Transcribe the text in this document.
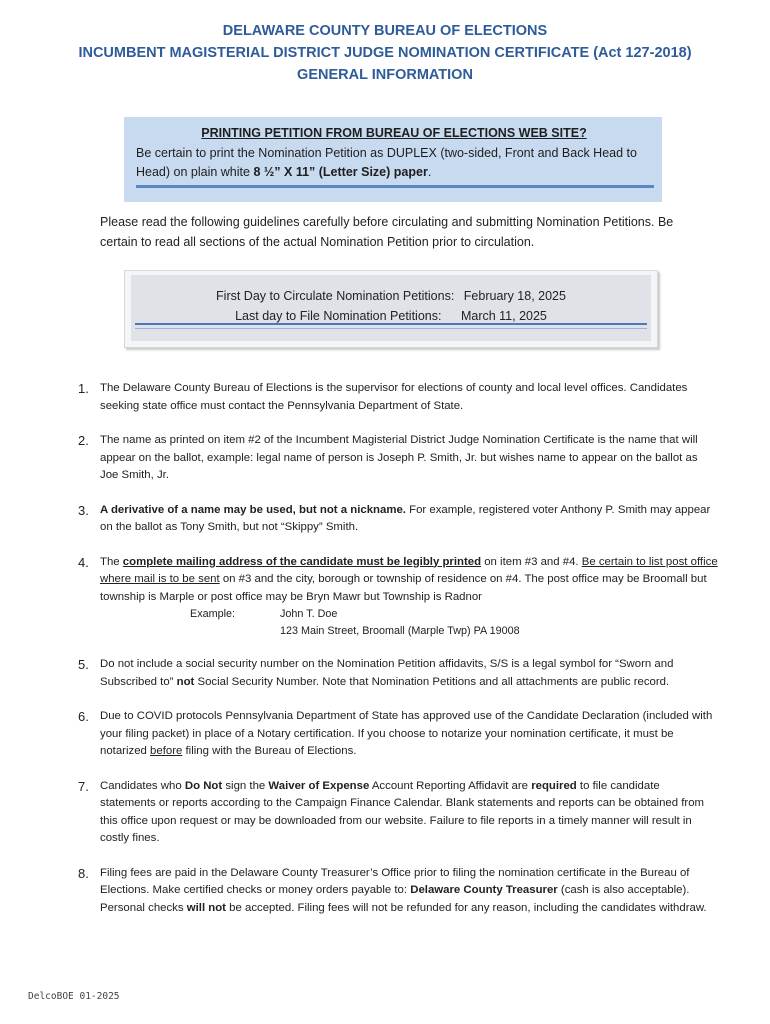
DELAWARE COUNTY BUREAU OF ELECTIONS
INCUMBENT MAGISTERIAL DISTRICT JUDGE NOMINATION CERTIFICATE (Act 127-2018)
GENERAL INFORMATION
PRINTING PETITION FROM BUREAU OF ELECTIONS WEB SITE?
Be certain to print the Nomination Petition as DUPLEX (two-sided, Front and Back Head to Head) on plain white 8 ½” X 11” (Letter Size) paper.
Please read the following guidelines carefully before circulating and submitting Nomination Petitions. Be certain to read all sections of the actual Nomination Petition prior to circulation.
First Day to Circulate Nomination Petitions: February 18, 2025
Last day to File Nomination Petitions: March 11, 2025
1. The Delaware County Bureau of Elections is the supervisor for elections of county and local level offices. Candidates seeking state office must contact the Pennsylvania Department of State.
2. The name as printed on item #2 of the Incumbent Magisterial District Judge Nomination Certificate is the name that will appear on the ballot, example: legal name of person is Joseph P. Smith, Jr. but wishes name to appear on the ballot as Joe Smith, Jr.
3. A derivative of a name may be used, but not a nickname. For example, registered voter Anthony P. Smith may appear on the ballot as Tony Smith, but not “Skippy” Smith.
4. The complete mailing address of the candidate must be legibly printed on item #3 and #4. Be certain to list post office where mail is to be sent on #3 and the city, borough or township of residence on #4. The post office may be Broomall but township is Marple or post office may be Bryn Mawr but Township is Radnor
Example:	John T. Doe
123 Main Street, Broomall (Marple Twp) PA 19008
5. Do not include a social security number on the Nomination Petition affidavits, S/S is a legal symbol for “Sworn and Subscribed to” not Social Security Number. Note that Nomination Petitions and all attachments are public record.
6. Due to COVID protocols Pennsylvania Department of State has approved use of the Candidate Declaration (included with your filing packet) in place of a Notary certification. If you choose to notarize your nomination certificate, it must be notarized before filing with the Bureau of Elections.
7. Candidates who Do Not sign the Waiver of Expense Account Reporting Affidavit are required to file candidate statements or reports according to the Campaign Finance Calendar. Blank statements and reports can be obtained from this office upon request or may be downloaded from our website. Failure to file reports in a timely manner will result in costly fines.
8. Filing fees are paid in the Delaware County Treasurer’s Office prior to filing the nomination certificate in the Bureau of Elections. Make certified checks or money orders payable to: Delaware County Treasurer (cash is also acceptable). Personal checks will not be accepted. Filing fees will not be refunded for any reason, including the candidates withdraw.
DelcoBOE 01-2025
